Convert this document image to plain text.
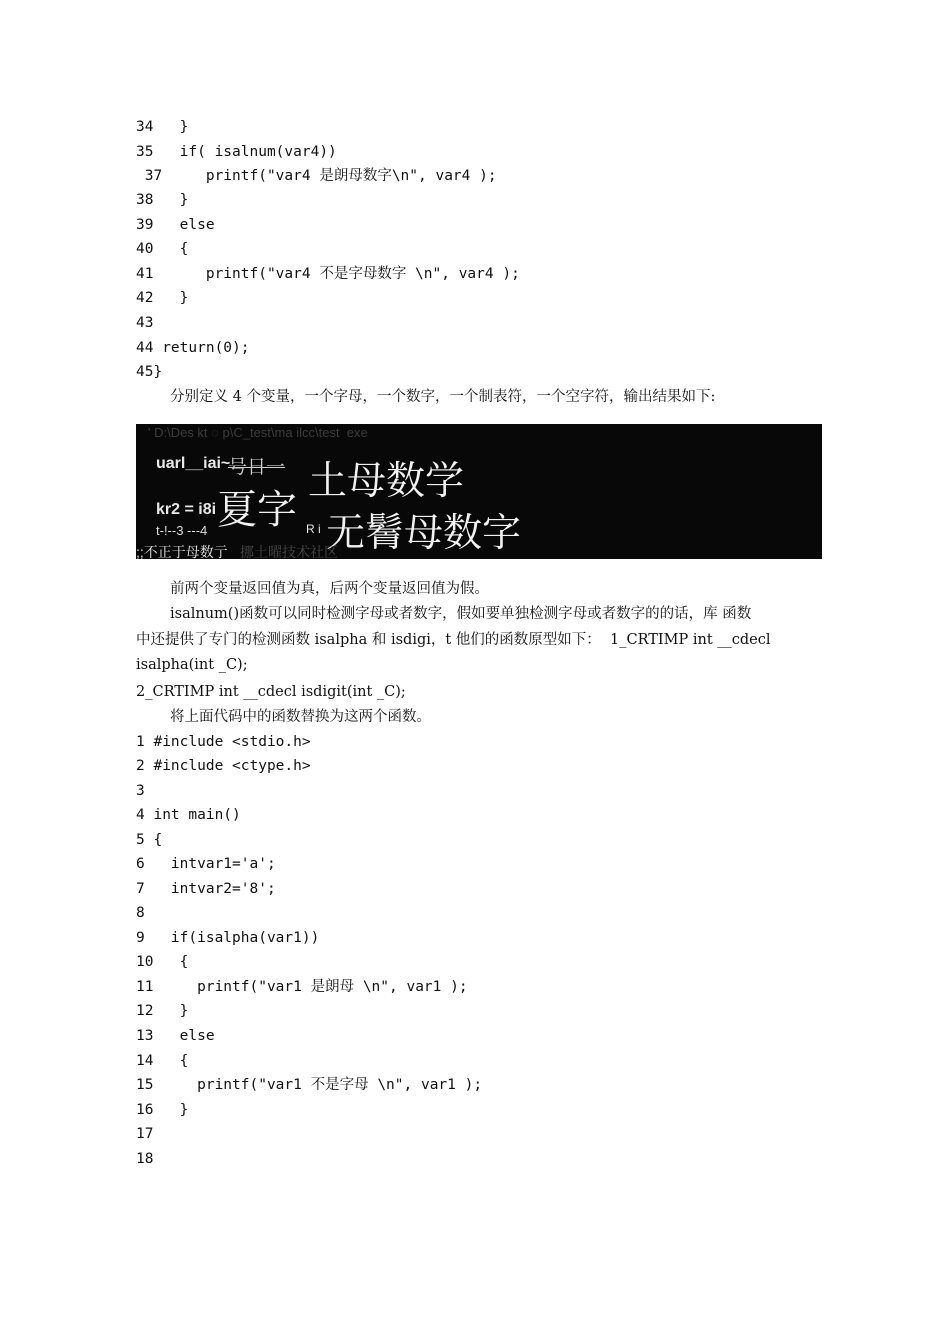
34   }
35   if( isalnum(var4))
37     printf("var4 是朗母数字\n", var4 );
38   }
39   else
40   {
41      printf("var4 不是字母数字 \n", var4 );
42   }
43
44 return(0);
45}
分别定义 4 个变量，一个字母，一个数字，一个制表符，一个空字符，输出结果如下:
' D:\Des kt ◌ p\C_test\ma ilcc\test  exe
uarl__iai~
号日一 土母数学
kr2 = i8i 夏字 R i 无鬌母数字
t-!--3 ---4
;;不正于母数亍 挪土曜技术社区
前两个变量返回值为真，后两个变量返回值为假。
isalnum()函数可以同时检测字母或者数字，假如要单独检测字母或者数字的的话，库 函数
中还提供了专门的检测函数 isalpha 和 isdigi，t 他们的函数原型如下：  1_CRTIMP int __cdecl
isalpha(int _C);
2_CRTIMP int __cdecl isdigit(int _C);
将上面代码中的函数替换为这两个函数。
1 #include <stdio.h>
2 #include <ctype.h>
3
4 int main()
5 {
6   intvar1='a';
7   intvar2='8';
8
9   if(isalpha(var1))
10   {
11     printf("var1 是朗母 \n", var1 );
12   }
13   else
14   {
15     printf("var1 不是字母 \n", var1 );
16   }
17
18
